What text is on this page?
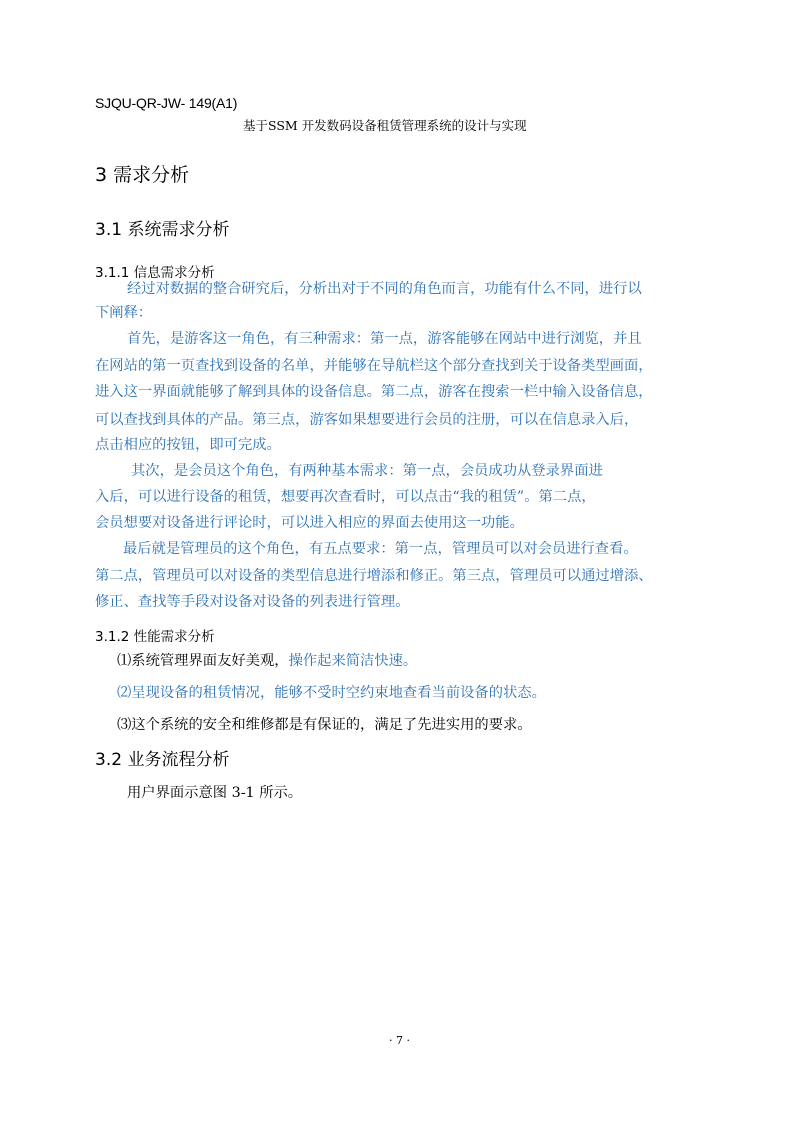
SJQU-QR-JW- 149(A1)
基于SSM 开发数码设备租赁管理系统的设计与实现
3 需求分析
3.1 系统需求分析
3.1.1 信息需求分析
经过对数据的整合研究后，分析出对于不同的角色而言，功能有什么不同，进行以
下阐释：
首先，是游客这一角色，有三种需求：第一点，游客能够在网站中进行浏览，并且
在网站的第一页查找到设备的名单，并能够在导航栏这个部分查找到关于设备类型画面，
进入这一界面就能够了解到具体的设备信息。第二点，游客在搜索一栏中输入设备信息，
可以查找到具体的产品。第三点，游客如果想要进行会员的注册，可以在信息录入后，
点击相应的按钮，即可完成。
其次，是会员这个角色，有两种基本需求：第一点，会员成功从登录界面进
入后，可以进行设备的租赁，想要再次查看时，可以点击“我的租赁”。第二点，
会员想要对设备进行评论时，可以进入相应的界面去使用这一功能。
最后就是管理员的这个角色，有五点要求：第一点，管理员可以对会员进行查看。
第二点，管理员可以对设备的类型信息进行增添和修正。第三点，管理员可以通过增添、
修正、查找等手段对设备对设备的列表进行管理。
3.1.2 性能需求分析
⑴系统管理界面友好美观，操作起来简洁快速。
⑵呈现设备的租赁情况，能够不受时空约束地查看当前设备的状态。
⑶这个系统的安全和维修都是有保证的，满足了先进实用的要求。
3.2 业务流程分析
用户界面示意图 3-1 所示。
· 7 ·
